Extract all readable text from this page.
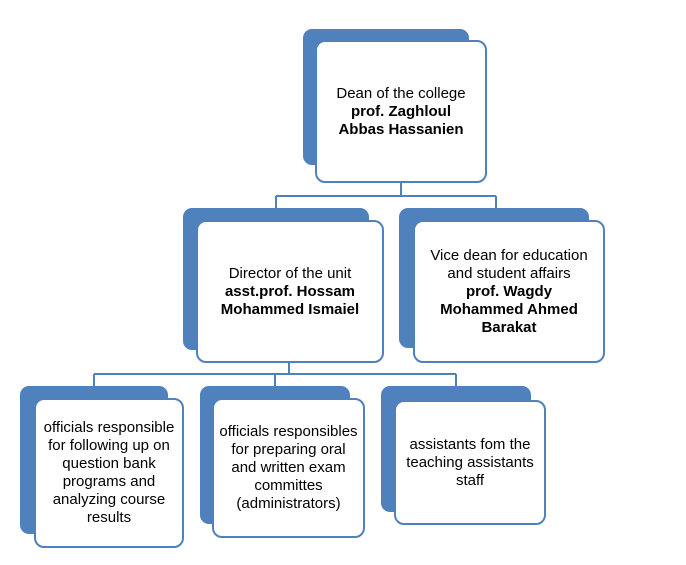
Dean of the college
prof. Zaghloul Abbas Hassanien
Director of the unit
asst.prof. Hossam Mohammed Ismaiel
Vice dean for education and student affairs
prof. Wagdy Mohammed Ahmed Barakat
officials responsible for following up on question bank programs and analyzing course results
officials responsibles for preparing oral and written exam committes (administrators)
assistants fom the teaching assistants staff
